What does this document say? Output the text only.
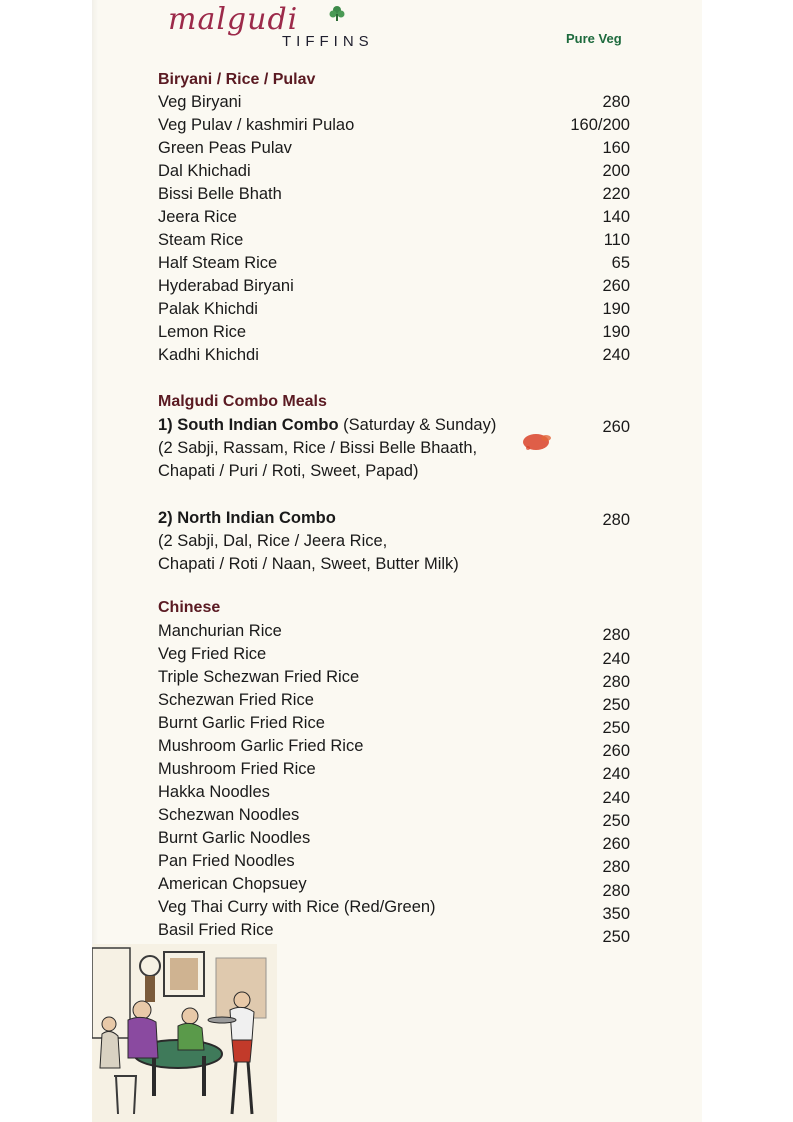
malgudi
TIFFINS	Pure Veg
Biryani / Rice / Pulav
Veg Biryani	280
Veg Pulav / kashmiri Pulao	160/200
Green Peas Pulav	160
Dal Khichadi	200
Bissi Belle Bhath	220
Jeera Rice	140
Steam Rice	110
Half Steam Rice	65
Hyderabad Biryani	260
Palak Khichdi	190
Lemon Rice	190
Kadhi Khichdi	240
Malgudi Combo Meals
1) South Indian Combo (Saturday & Sunday)	260
(2 Sabji, Rassam, Rice / Bissi Belle Bhaath,
Chapati / Puri / Roti, Sweet, Papad)
2) North Indian Combo	280
(2 Sabji, Dal, Rice / Jeera Rice,
Chapati / Roti / Naan, Sweet, Butter Milk)
Chinese
Manchurian Rice	280
Veg Fried Rice	240
Triple Schezwan Fried Rice	280
Schezwan Fried Rice	250
Burnt Garlic Fried Rice	250
Mushroom Garlic Fried Rice	260
Mushroom Fried Rice	240
Hakka Noodles	240
Schezwan Noodles	250
Burnt Garlic Noodles	260
Pan Fried Noodles	280
American Chopsuey	280
Veg Thai Curry with Rice (Red/Green)	350
Basil Fried Rice	250
